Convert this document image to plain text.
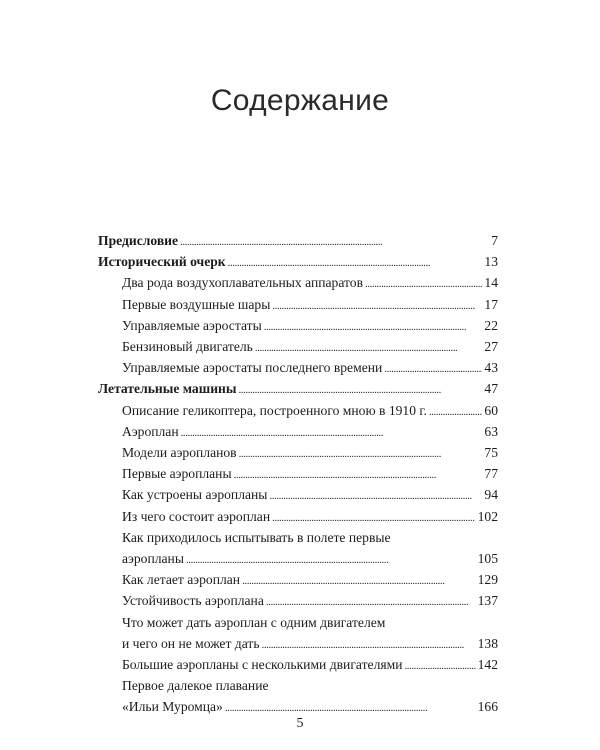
Содержание
Предисловие . . .	7
Исторический очерк . . .	13
Два рода воздухоплавательных аппаратов . . .	14
Первые воздушные шары . . .	17
Управляемые аэростаты . . .	22
Бензиновый двигатель . . .	27
Управляемые аэростаты последнего времени . . .	43
Летательные машины . . .	47
Описание геликоптера, построенного мною в 1910 г. . . .	60
Аэроплан . . .	63
Модели аэропланов . . .	75
Первые аэропланы . . .	77
Как устроены аэропланы . . .	94
Из чего состоит аэроплан . . .	102
Как приходилось испытывать в полете первые
аэропланы . . .	105
Как летает аэроплан . . .	129
Устойчивость аэроплана . . .	137
Что может дать аэроплан с одним двигателем
и чего он не может дать . . .	138
Большие аэропланы с несколькими двигателями . . .	142
Первое далекое плавание
«Ильи Муромца» . . .	166
5
